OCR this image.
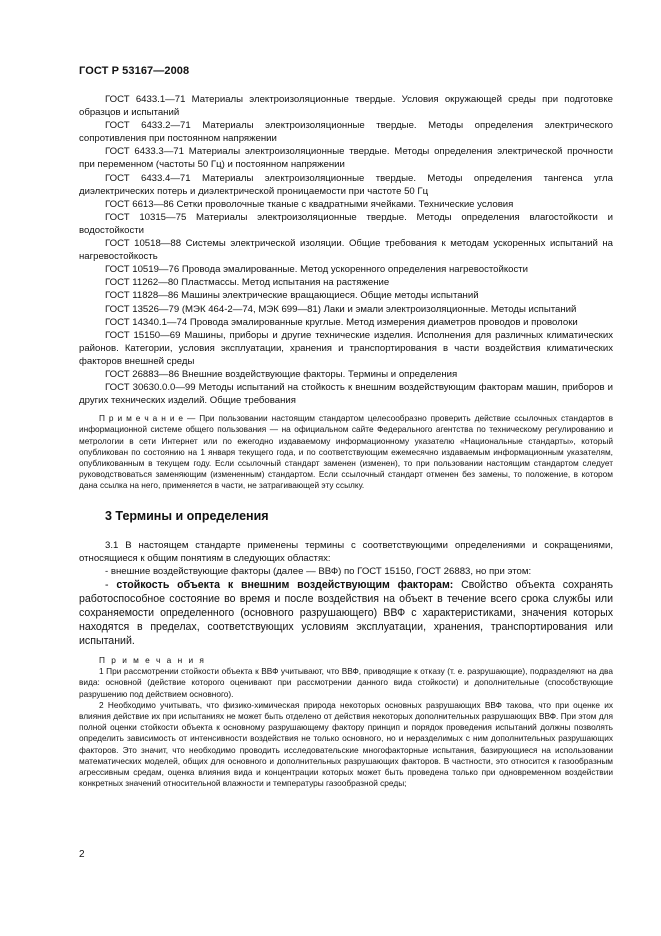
ГОСТ Р 53167—2008

ГОСТ 6433.1—71 Материалы электроизоляционные твердые. Условия окружающей среды при подготовке образцов и испытаний

ГОСТ 6433.2—71 Материалы электроизоляционные твердые. Методы определения электрического сопротивления при постоянном напряжении

ГОСТ 6433.3—71 Материалы электроизоляционные твердые. Методы определения электрической прочности при переменном (частоты 50 Гц) и постоянном напряжении

ГОСТ 6433.4—71 Материалы электроизоляционные твердые. Методы определения тангенса угла диэлектрических потерь и диэлектрической проницаемости при частоте 50 Гц

ГОСТ 6613—86 Сетки проволочные тканые с квадратными ячейками. Технические условия

ГОСТ 10315—75 Материалы электроизоляционные твердые. Методы определения влагостойкости и водостойкости

ГОСТ 10518—88 Системы электрической изоляции. Общие требования к методам ускоренных испытаний на нагревостойкость

ГОСТ 10519—76 Провода эмалированные. Метод ускоренного определения нагревостойкости

ГОСТ 11262—80 Пластмассы. Метод испытания на растяжение

ГОСТ 11828—86 Машины электрические вращающиеся. Общие методы испытаний

ГОСТ 13526—79 (МЭК 464-2—74, МЭК 699—81) Лаки и эмали электроизоляционные. Методы испытаний

ГОСТ 14340.1—74 Провода эмалированные круглые. Метод измерения диаметров проводов и проволоки

ГОСТ 15150—69 Машины, приборы и другие технические изделия. Исполнения для различных климатических районов. Категории, условия эксплуатации, хранения и транспортирования в части воздействия климатических факторов внешней среды

ГОСТ 26883—86 Внешние воздействующие факторы. Термины и определения

ГОСТ 30630.0.0—99 Методы испытаний на стойкость к внешним воздействующим факторам машин, приборов и других технических изделий. Общие требования

П р и м е ч а н и е — При пользовании настоящим стандартом целесообразно проверить действие ссылочных стандартов в информационной системе общего пользования — на официальном сайте Федерального агентства по техническому регулированию и метрологии в сети Интернет или по ежегодно издаваемому информационному указателю «Национальные стандарты», который опубликован по состоянию на 1 января текущего года, и по соответствующим ежемесячно издаваемым информационным указателям, опубликованным в текущем году. Если ссылочный стандарт заменен (изменен), то при пользовании настоящим стандартом следует руководствоваться заменяющим (измененным) стандартом. Если ссылочный стандарт отменен без замены, то положение, в котором дана ссылка на него, применяется в части, не затрагивающей эту ссылку.

3 Термины и определения

3.1 В настоящем стандарте применены термины с соответствующими определениями и сокращениями, относящиеся к общим понятиям в следующих областях:

- внешние воздействующие факторы (далее — ВВФ) по ГОСТ 15150, ГОСТ 26883, но при этом:

- стойкость объекта к внешним воздействующим факторам: Свойство объекта сохранять работоспособное состояние во время и после воздействия на объект в течение всего срока службы или сохраняемости определенного (основного разрушающего) ВВФ с характеристиками, значения которых находятся в пределах, соответствующих условиям эксплуатации, хранения, транспортирования или испытаний.

П р и м е ч а н и я

1 При рассмотрении стойкости объекта к ВВФ учитывают, что ВВФ, приводящие к отказу (т. е. разрушающие), подразделяют на два вида: основной (действие которого оценивают при рассмотрении данного вида стойкости) и дополнительные (способствующие разрушению под действием основного).

2 Необходимо учитывать, что физико-химическая природа некоторых основных разрушающих ВВФ такова, что при оценке их влияния действие их при испытаниях не может быть отделено от действия некоторых дополнительных разрушающих ВВФ. При этом для полной оценки стойкости объекта к основному разрушающему фактору принцип и порядок проведения испытаний должны позволять определить зависимость от интенсивности воздействия не только основного, но и неразделимых с ним дополнительных разрушающих факторов. Это значит, что необходимо проводить исследовательские многофакторные испытания, базирующиеся на использовании математических моделей, общих для основного и дополнительных разрушающих факторов. В частности, это относится к газообразным агрессивным средам, оценка влияния вида и концентрации которых может быть проведена только при одновременном воздействии конкретных значений относительной влажности и температуры газообразной среды;

2
